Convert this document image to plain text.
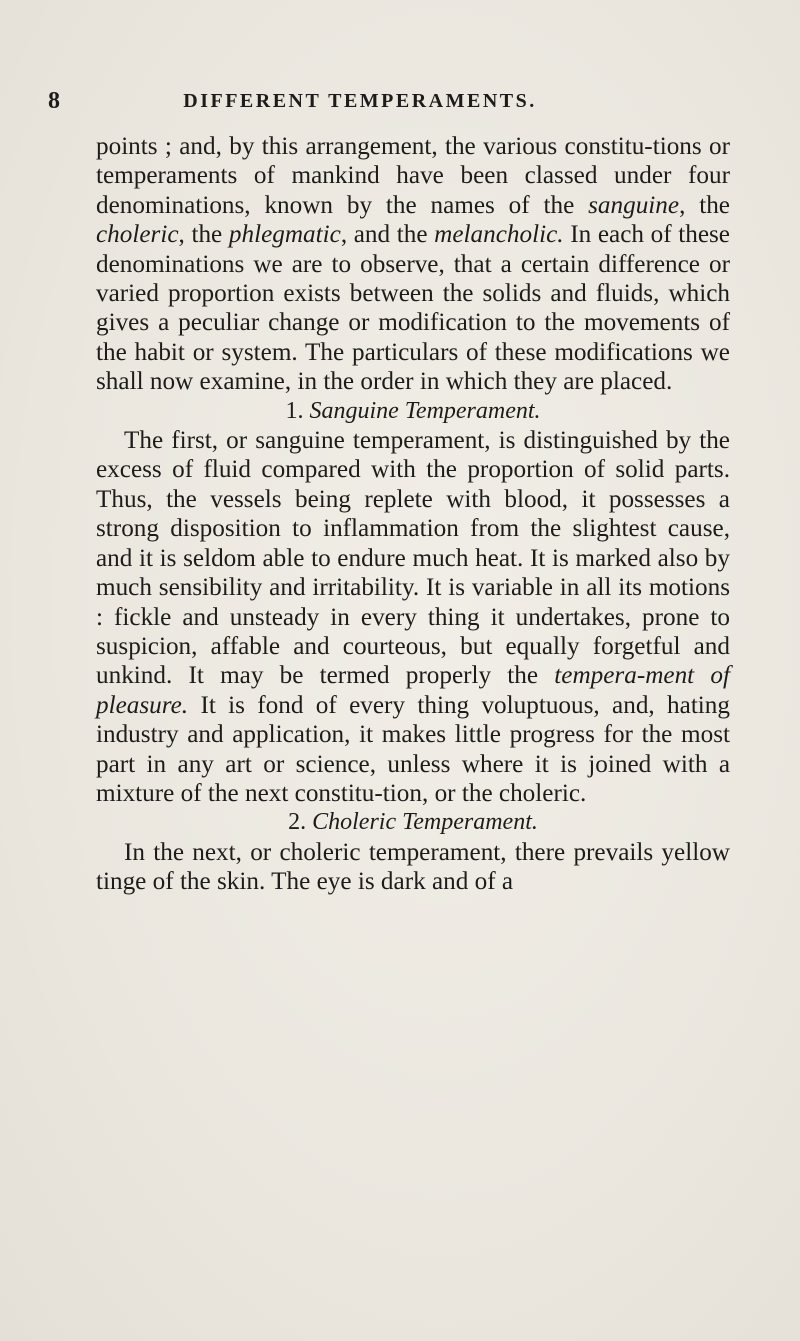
8	DIFFERENT TEMPERAMENTS.

points ; and, by this arrangement, the various constitu-tions or temperaments of mankind have been classed under four denominations, known by the names of the sanguine, the choleric, the phlegmatic, and the melancholic. In each of these denominations we are to observe, that a certain difference or varied proportion exists between the solids and fluids, which gives a peculiar change or modification to the movements of the habit or system. The particulars of these modifications we shall now examine, in the order in which they are placed.

1. Sanguine Temperament.

The first, or sanguine temperament, is distinguished by the excess of fluid compared with the proportion of solid parts. Thus, the vessels being replete with blood, it possesses a strong disposition to inflammation from the slightest cause, and it is seldom able to endure much heat. It is marked also by much sensibility and irritability. It is variable in all its motions : fickle and unsteady in every thing it undertakes, prone to suspicion, affable and courteous, but equally forgetful and unkind. It may be termed properly the tempera-ment of pleasure. It is fond of every thing voluptuous, and, hating industry and application, it makes little progress for the most part in any art or science, unless where it is joined with a mixture of the next constitu-tion, or the choleric.

2. Choleric Temperament.

In the next, or choleric temperament, there prevails yellow tinge of the skin. The eye is dark and of a
